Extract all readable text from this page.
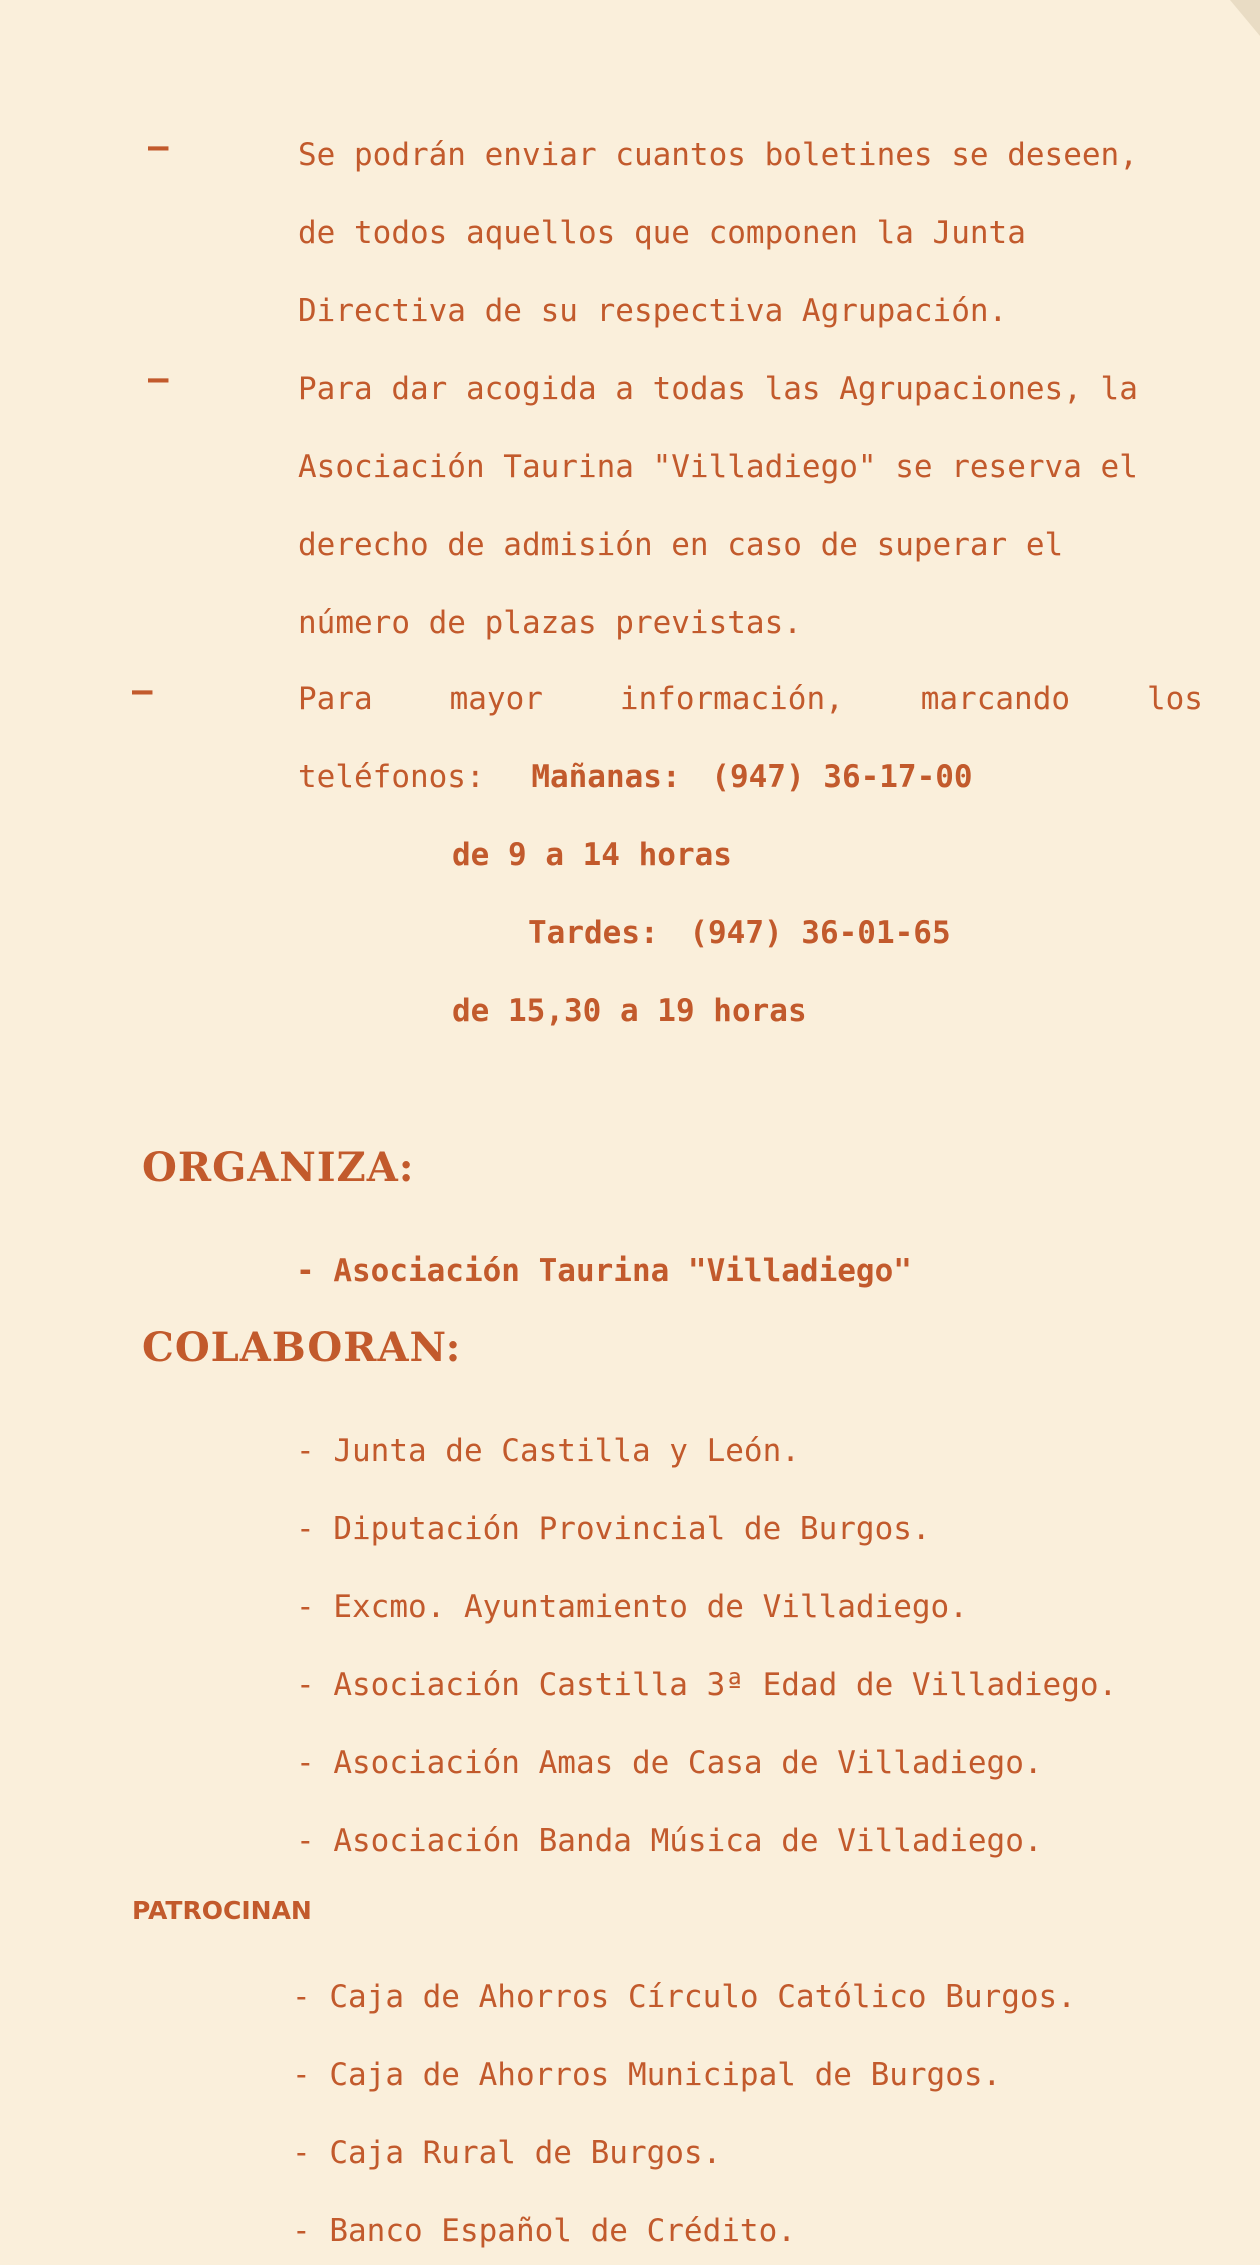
–	Se podrán enviar cuantos boletines se deseen,
de todos aquellos que componen la Junta
Directiva de su respectiva Agrupación.
–	Para dar acogida a todas las Agrupaciones, la
Asociación Taurina "Villadiego" se reserva el
derecho de admisión en caso de superar el
número de plazas previstas.
–	Para mayor información, marcando los
teléfonos: Mañanas: (947) 36-17-00
de 9 a 14 horas
Tardes: (947) 36-01-65
de 15,30 a 19 horas
ORGANIZA:
- Asociación Taurina "Villadiego"
COLABORAN:
- Junta de Castilla y León.
- Diputación Provincial de Burgos.
- Excmo. Ayuntamiento de Villadiego.
- Asociación Castilla 3ª Edad de Villadiego.
- Asociación Amas de Casa de Villadiego.
- Asociación Banda Música de Villadiego.
PATROCINAN
- Caja de Ahorros Círculo Católico Burgos.
- Caja de Ahorros Municipal de Burgos.
- Caja Rural de Burgos.
- Banco Español de Crédito.
